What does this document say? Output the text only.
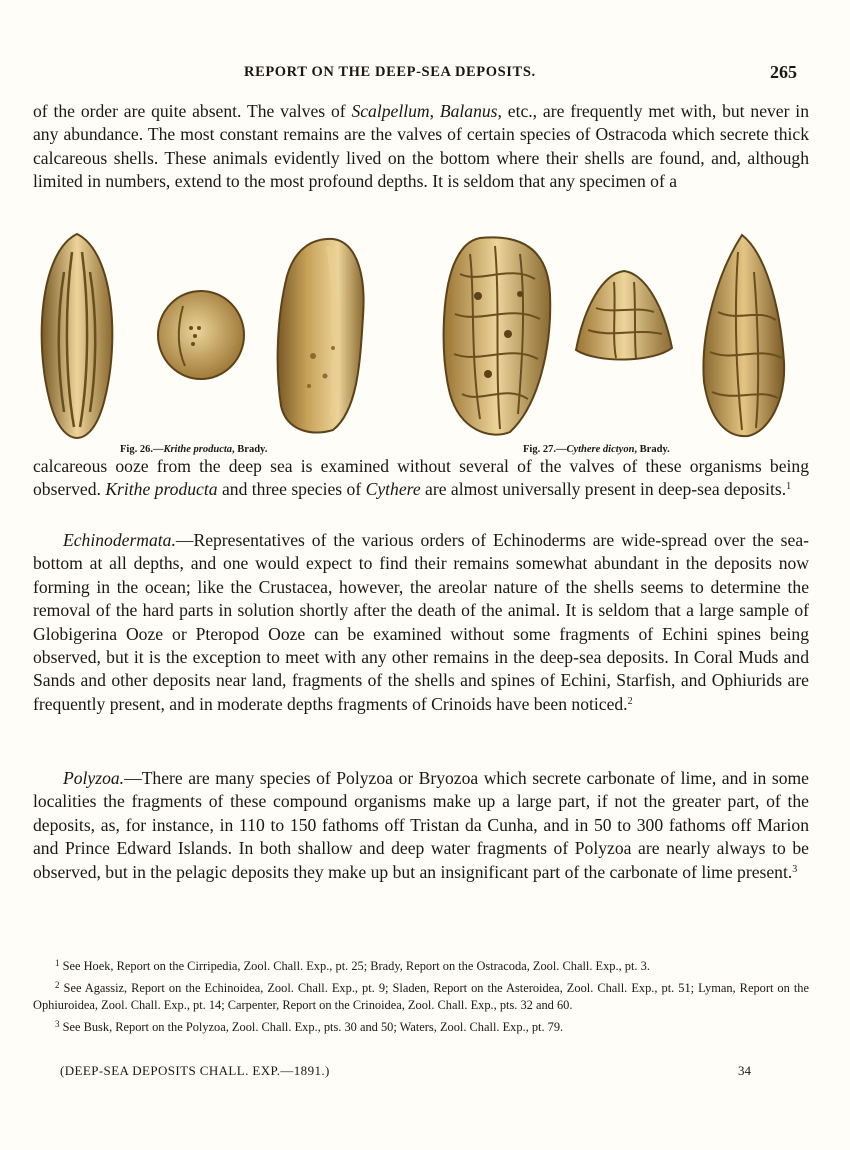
REPORT ON THE DEEP-SEA DEPOSITS.	265

of the order are quite absent. The valves of Scalpellum, Balanus, etc., are frequently met with, but never in any abundance. The most constant remains are the valves of certain species of Ostracoda which secrete thick calcareous shells. These animals evidently lived on the bottom where their shells are found, and, although limited in numbers, extend to the most profound depths. It is seldom that any specimen of a

Fig. 26.—Krithe producta, Brady.	Fig. 27.—Cythere dictyon, Brady.

calcareous ooze from the deep sea is examined without several of the valves of these organisms being observed. Krithe producta and three species of Cythere are almost universally present in deep-sea deposits.$^1$

Echinodermata.—Representatives of the various orders of Echinoderms are wide-spread over the sea-bottom at all depths, and one would expect to find their remains somewhat abundant in the deposits now forming in the ocean; like the Crustacea, however, the areolar nature of the shells seems to determine the removal of the hard parts in solution shortly after the death of the animal. It is seldom that a large sample of Globigerina Ooze or Pteropod Ooze can be examined without some fragments of Echini spines being observed, but it is the exception to meet with any other remains in the deep-sea deposits. In Coral Muds and Sands and other deposits near land, fragments of the shells and spines of Echini, Starfish, and Ophiurids are frequently present, and in moderate depths fragments of Crinoids have been noticed.$^2$

Polyzoa.—There are many species of Polyzoa or Bryozoa which secrete carbonate of lime, and in some localities the fragments of these compound organisms make up a large part, if not the greater part, of the deposits, as, for instance, in 110 to 150 fathoms off Tristan da Cunha, and in 50 to 300 fathoms off Marion and Prince Edward Islands. In both shallow and deep water fragments of Polyzoa are nearly always to be observed, but in the pelagic deposits they make up but an insignificant part of the carbonate of lime present.$^3$

$^1$ See Hoek, Report on the Cirripedia, Zool. Chall. Exp., pt. 25; Brady, Report on the Ostracoda, Zool. Chall. Exp., pt. 3.

$^2$ See Agassiz, Report on the Echinoidea, Zool. Chall. Exp., pt. 9; Sladen, Report on the Asteroidea, Zool. Chall. Exp., pt. 51; Lyman, Report on the Ophiuroidea, Zool. Chall. Exp., pt. 14; Carpenter, Report on the Crinoidea, Zool. Chall. Exp., pts. 32 and 60.

$^3$ See Busk, Report on the Polyzoa, Zool. Chall. Exp., pts. 30 and 50; Waters, Zool. Chall. Exp., pt. 79.

(DEEP-SEA DEPOSITS CHALL. EXP.—1891.)	34
